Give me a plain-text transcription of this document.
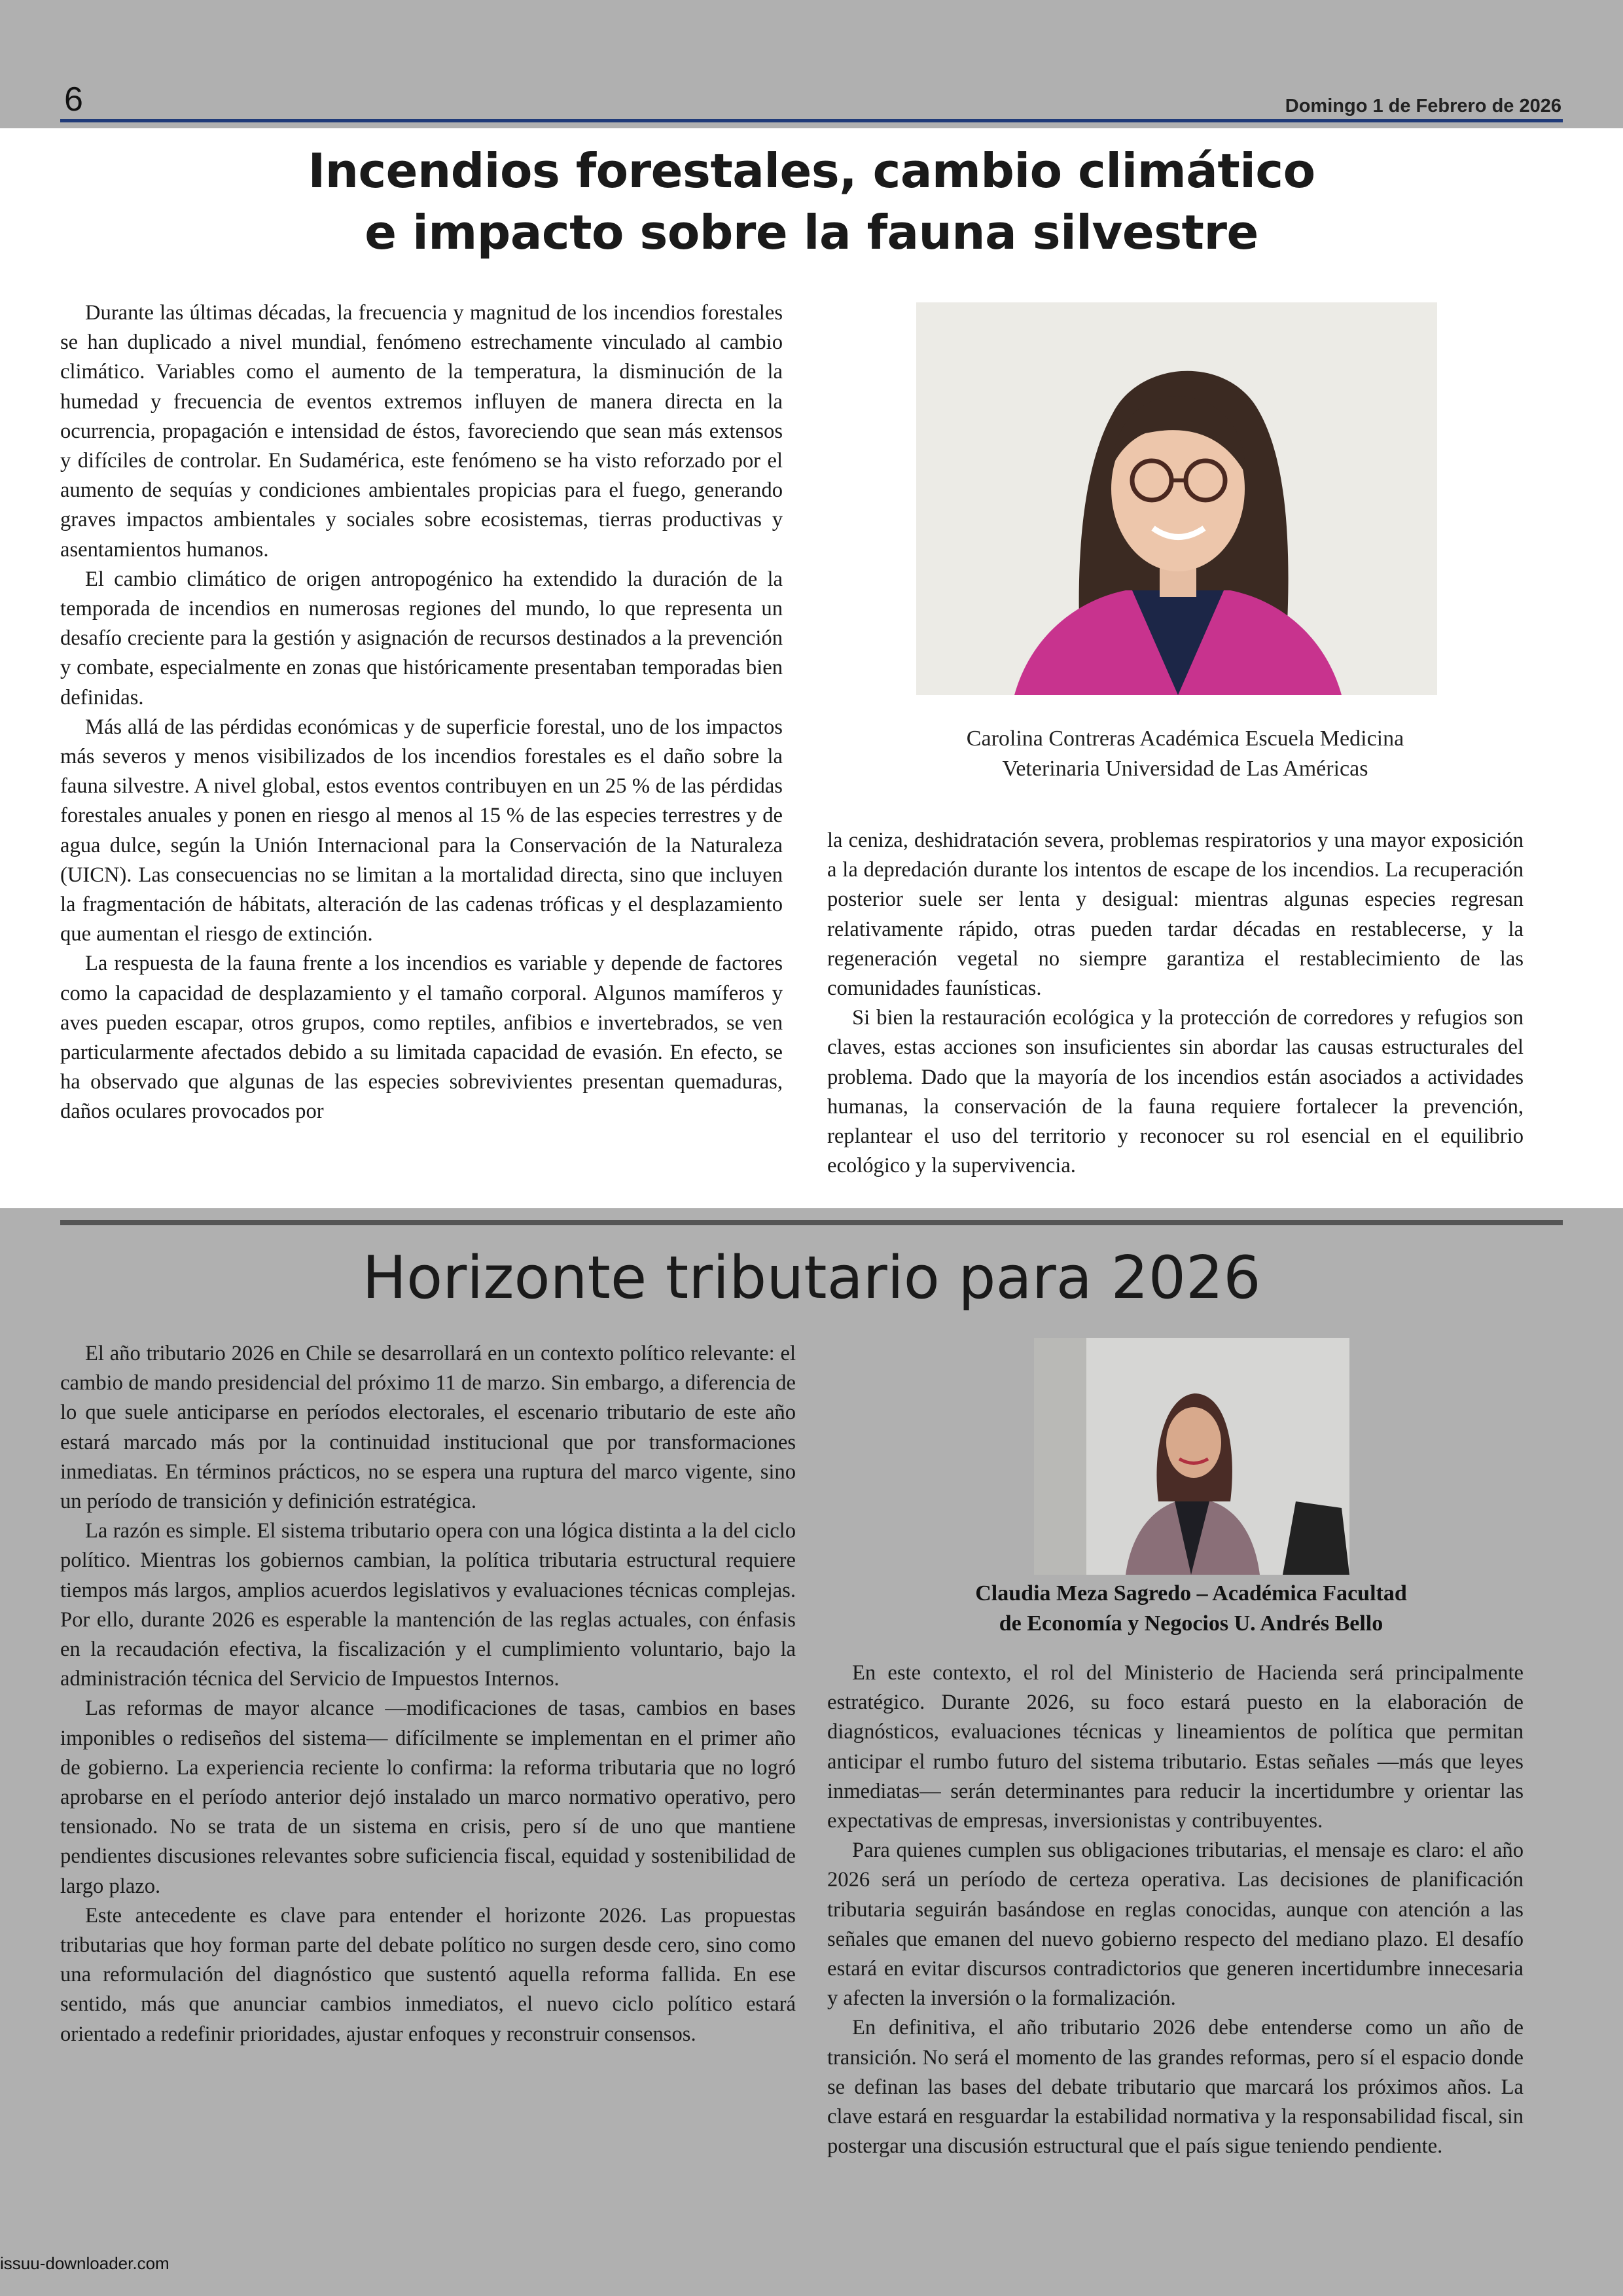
6	Domingo 1 de Febrero de 2026
Incendios forestales, cambio climático
e impacto sobre la fauna silvestre

Durante las últimas décadas, la frecuencia y magnitud de los incendios forestales se han duplicado a nivel mundial, fenómeno estrechamente vinculado al cambio climático. Variables como el aumento de la temperatura, la disminución de la humedad y frecuencia de eventos extremos influyen de manera directa en la ocurrencia, propagación e intensidad de éstos, favoreciendo que sean más extensos y difíciles de controlar. En Sudamérica, este fenómeno se ha visto reforzado por el aumento de sequías y condiciones ambientales propicias para el fuego, generando graves impactos ambientales y sociales sobre ecosistemas, tierras productivas y asentamientos humanos.

El cambio climático de origen antropogénico ha extendido la duración de la temporada de incendios en numerosas regiones del mundo, lo que representa un desafío creciente para la gestión y asignación de recursos destinados a la prevención y combate, especialmente en zonas que históricamente presentaban temporadas bien definidas.

Más allá de las pérdidas económicas y de superficie forestal, uno de los impactos más severos y menos visibilizados de los incendios forestales es el daño sobre la fauna silvestre. A nivel global, estos eventos contribuyen en un 25 % de las pérdidas forestales anuales y ponen en riesgo al menos al 15 % de las especies terrestres y de agua dulce, según la Unión Internacional para la Conservación de la Naturaleza (UICN). Las consecuencias no se limitan a la mortalidad directa, sino que incluyen la fragmentación de hábitats, alteración de las cadenas tróficas y el desplazamiento que aumentan el riesgo de extinción.

La respuesta de la fauna frente a los incendios es variable y depende de factores como la capacidad de desplazamiento y el tamaño corporal. Algunos mamíferos y aves pueden escapar, otros grupos, como reptiles, anfibios e invertebrados, se ven particularmente afectados debido a su limitada capacidad de evasión. En efecto, se ha observado que algunas de las especies sobrevivientes presentan quemaduras, daños oculares provocados por

Carolina Contreras Académica Escuela Medicina
Veterinaria Universidad de Las Américas

la ceniza, deshidratación severa, problemas respiratorios y una mayor exposición a la depredación durante los intentos de escape de los incendios. La recuperación posterior suele ser lenta y desigual: mientras algunas especies regresan relativamente rápido, otras pueden tardar décadas en restablecerse, y la regeneración vegetal no siempre garantiza el restablecimiento de las comunidades faunísticas.

Si bien la restauración ecológica y la protección de corredores y refugios son claves, estas acciones son insuficientes sin abordar las causas estructurales del problema. Dado que la mayoría de los incendios están asociados a actividades humanas, la conservación de la fauna requiere fortalecer la prevención, replantear el uso del territorio y reconocer su rol esencial en el equilibrio ecológico y la supervivencia.

Horizonte tributario para 2026

El año tributario 2026 en Chile se desarrollará en un contexto político relevante: el cambio de mando presidencial del próximo 11 de marzo. Sin embargo, a diferencia de lo que suele anticiparse en períodos electorales, el escenario tributario de este año estará marcado más por la continuidad institucional que por transformaciones inmediatas. En términos prácticos, no se espera una ruptura del marco vigente, sino un período de transición y definición estratégica.

La razón es simple. El sistema tributario opera con una lógica distinta a la del ciclo político. Mientras los gobiernos cambian, la política tributaria estructural requiere tiempos más largos, amplios acuerdos legislativos y evaluaciones técnicas complejas. Por ello, durante 2026 es esperable la mantención de las reglas actuales, con énfasis en la recaudación efectiva, la fiscalización y el cumplimiento voluntario, bajo la administración técnica del Servicio de Impuestos Internos.

Las reformas de mayor alcance —modificaciones de tasas, cambios en bases imponibles o rediseños del sistema— difícilmente se implementan en el primer año de gobierno. La experiencia reciente lo confirma: la reforma tributaria que no logró aprobarse en el período anterior dejó instalado un marco normativo operativo, pero tensionado. No se trata de un sistema en crisis, pero sí de uno que mantiene pendientes discusiones relevantes sobre suficiencia fiscal, equidad y sostenibilidad de largo plazo.

Este antecedente es clave para entender el horizonte 2026. Las propuestas tributarias que hoy forman parte del debate político no surgen desde cero, sino como una reformulación del diagnóstico que sustentó aquella reforma fallida. En ese sentido, más que anunciar cambios inmediatos, el nuevo ciclo político estará orientado a redefinir prioridades, ajustar enfoques y reconstruir consensos.

Claudia Meza Sagredo – Académica Facultad
de Economía y Negocios U. Andrés Bello

En este contexto, el rol del Ministerio de Hacienda será principalmente estratégico. Durante 2026, su foco estará puesto en la elaboración de diagnósticos, evaluaciones técnicas y lineamientos de política que permitan anticipar el rumbo futuro del sistema tributario. Estas señales —más que leyes inmediatas— serán determinantes para reducir la incertidumbre y orientar las expectativas de empresas, inversionistas y contribuyentes.

Para quienes cumplen sus obligaciones tributarias, el mensaje es claro: el año 2026 será un período de certeza operativa. Las decisiones de planificación tributaria seguirán basándose en reglas conocidas, aunque con atención a las señales que emanen del nuevo gobierno respecto del mediano plazo. El desafío estará en evitar discursos contradictorios que generen incertidumbre innecesaria y afecten la inversión o la formalización.

En definitiva, el año tributario 2026 debe entenderse como un año de transición. No será el momento de las grandes reformas, pero sí el espacio donde se definan las bases del debate tributario que marcará los próximos años. La clave estará en resguardar la estabilidad normativa y la responsabilidad fiscal, sin postergar una discusión estructural que el país sigue teniendo pendiente.

issuu-downloader.com
